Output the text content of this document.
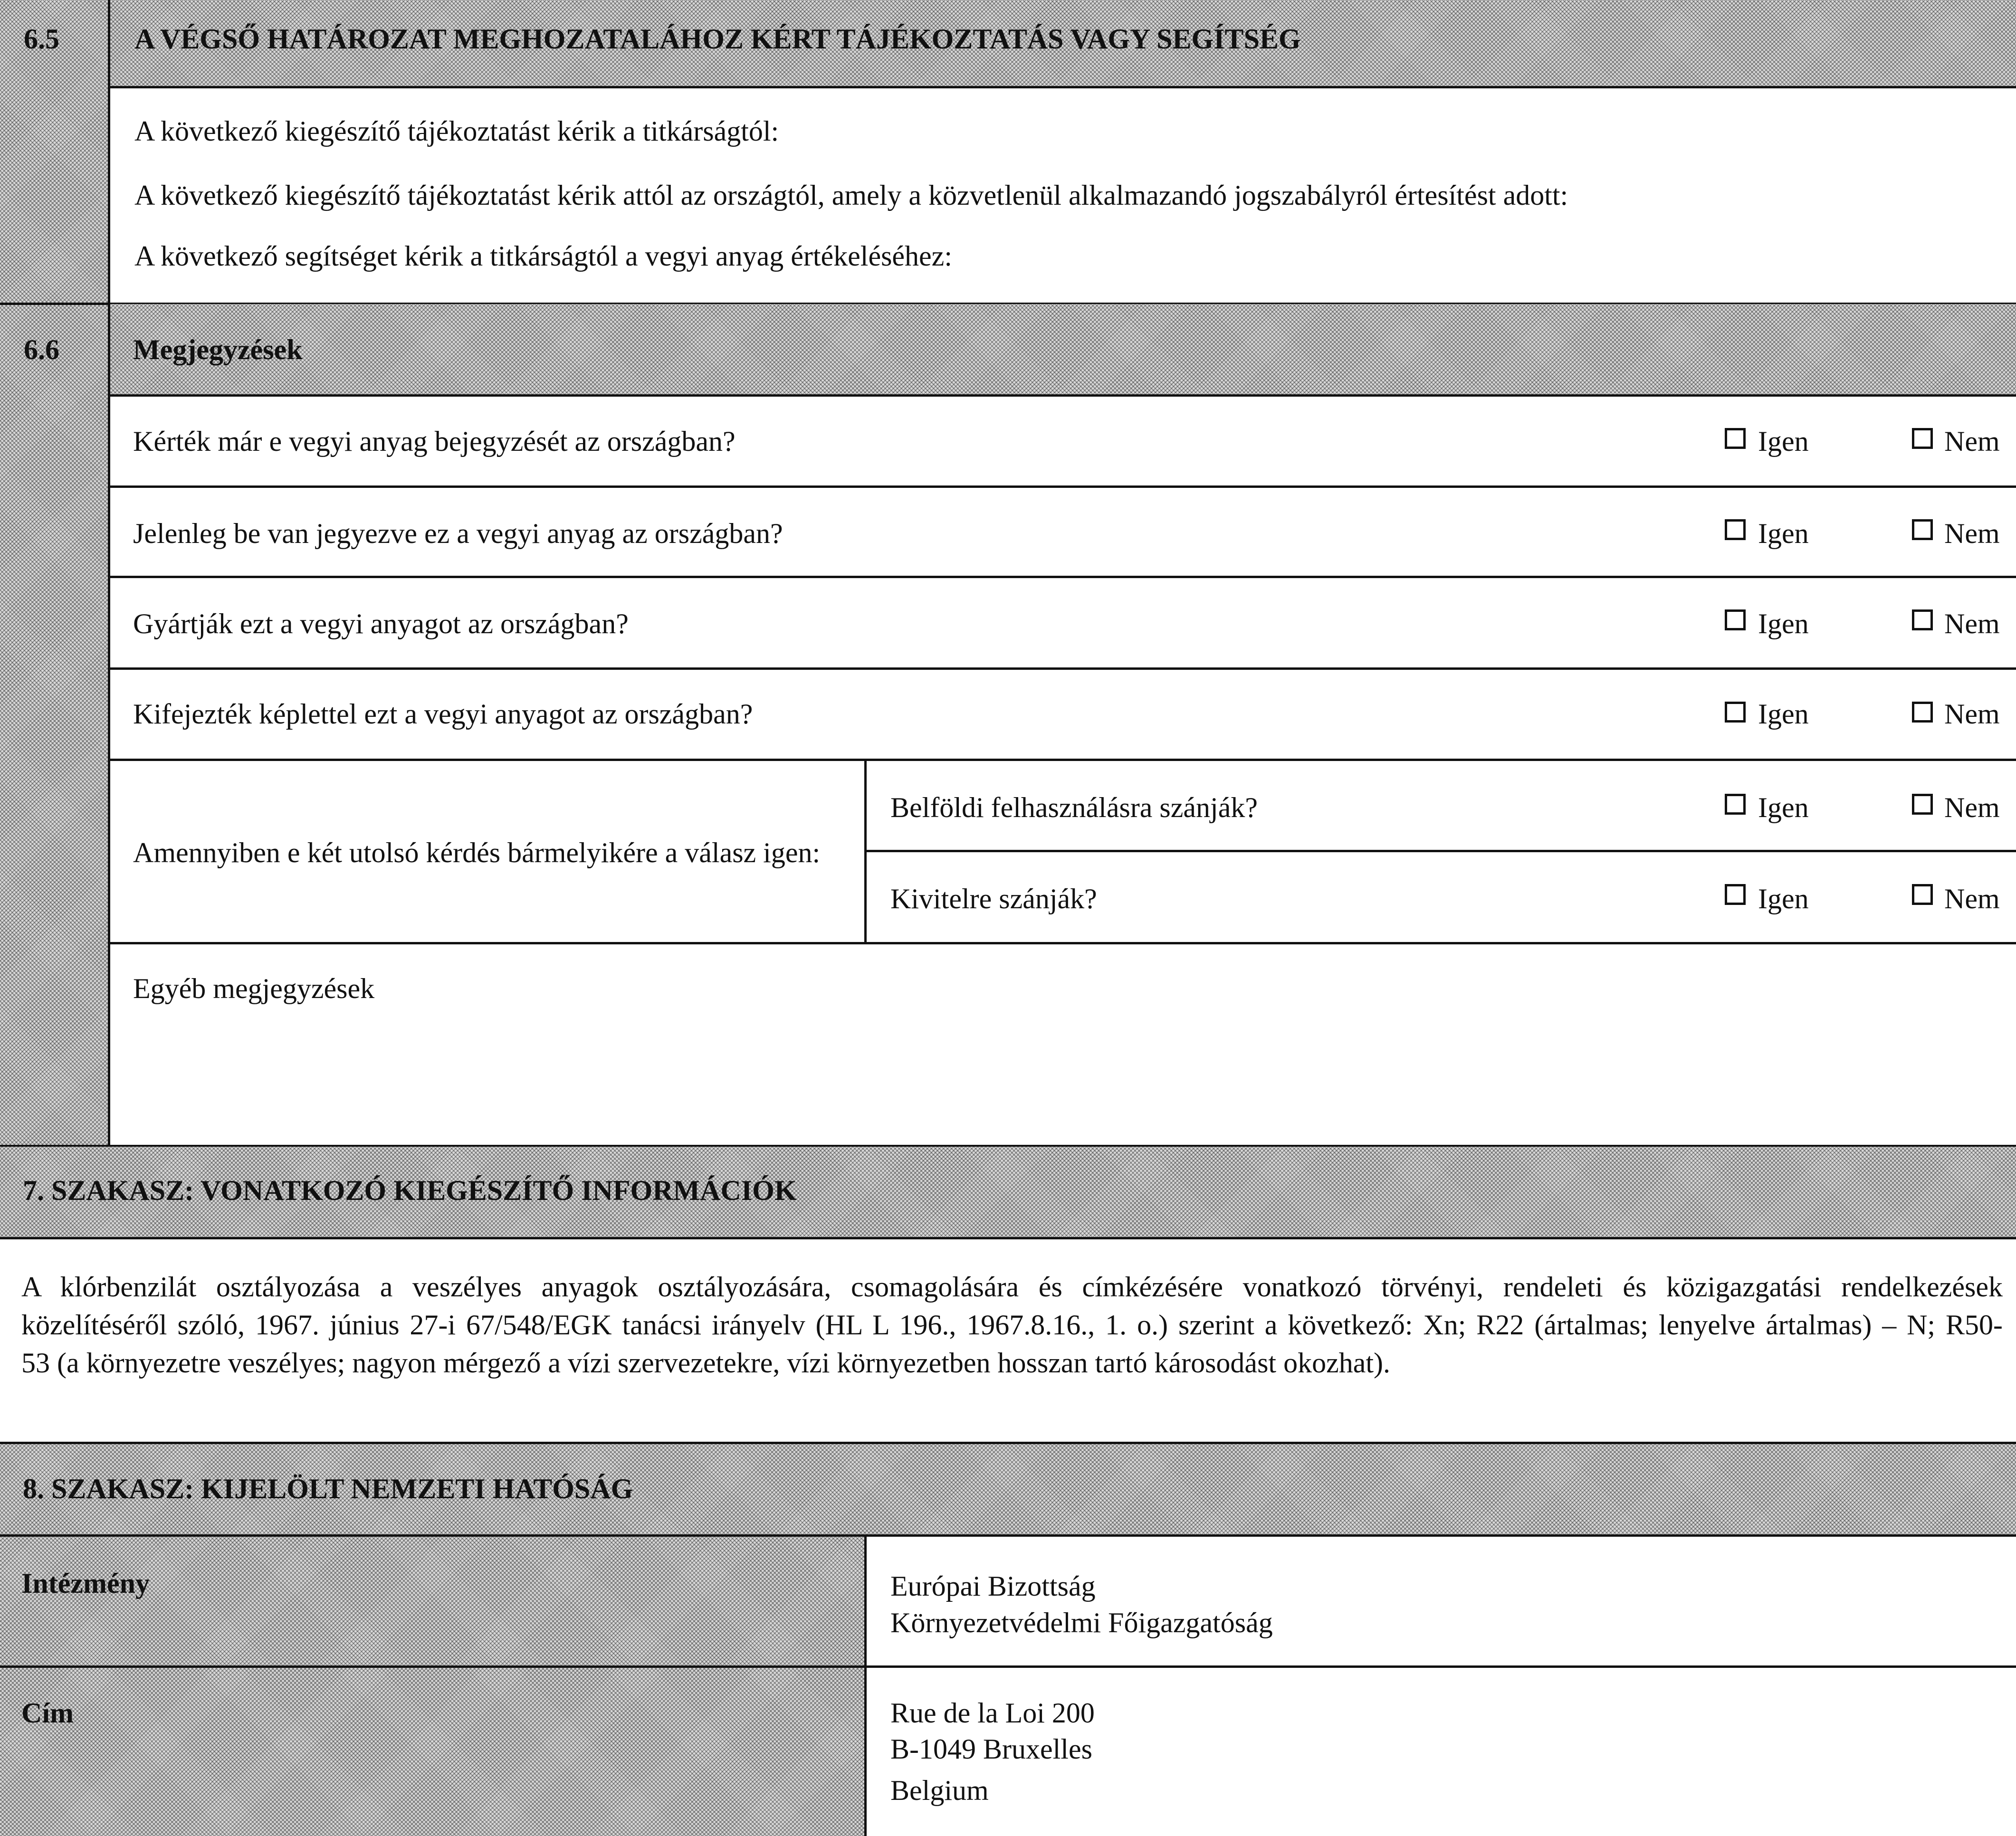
6.5	A VÉGSŐ HATÁROZAT MEGHOZATALÁHOZ KÉRT TÁJÉKOZTATÁS VAGY SEGÍTSÉG
A következő kiegészítő tájékoztatást kérik a titkárságtól:
A következő kiegészítő tájékoztatást kérik attól az országtól, amely a közvetlenül alkalmazandó jogszabályról értesítést adott:
A következő segítséget kérik a titkárságtól a vegyi anyag értékeléséhez:
6.6	Megjegyzések
Kérték már e vegyi anyag bejegyzését az országban?	Igen	Nem
Jelenleg be van jegyezve ez a vegyi anyag az országban?	Igen	Nem
Gyártják ezt a vegyi anyagot az országban?	Igen	Nem
Kifejezték képlettel ezt a vegyi anyagot az országban?	Igen	Nem
Amennyiben e két utolsó kérdés bármelyikére a válasz igen:
Belföldi felhasználásra szánják?	Igen	Nem
Kivitelre szánják?	Igen	Nem
Egyéb megjegyzések
7. SZAKASZ: VONATKOZÓ KIEGÉSZÍTŐ INFORMÁCIÓK
A klórbenzilát osztályozása a veszélyes anyagok osztályozására, csomagolására és címkézésére vonatkozó törvényi, rendeleti és közigazgatási rendelkezések
közelítéséről szóló, 1967. június 27-i 67/548/EGK tanácsi irányelv (HL L 196., 1967.8.16., 1. o.) szerint a következő: Xn; R22 (ártalmas; lenyelve ártalmas) – N; R50-
53 (a környezetre veszélyes; nagyon mérgező a vízi szervezetekre, vízi környezetben hosszan tartó károsodást okozhat).
8. SZAKASZ: KIJELÖLT NEMZETI HATÓSÁG
Intézmény	Európai Bizottság
Környezetvédelmi Főigazgatóság
Cím	Rue de la Loi 200
B-1049 Bruxelles
Belgium
